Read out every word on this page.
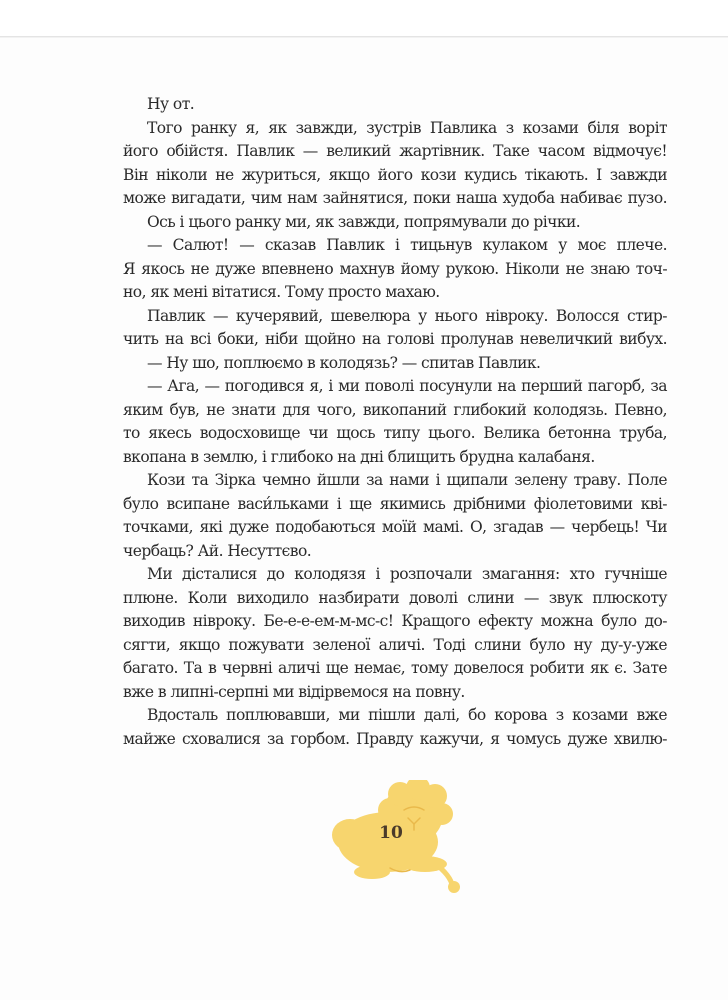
Ну от.
Того ранку я, як завжди, зустрів Павлика з козами біля воріт
його обійстя. Павлик — великий жартівник. Таке часом відмочує!
Він ніколи не журиться, якщо його кози кудись тікають. І завжди
може вигадати, чим нам зайнятися, поки наша худоба набиває пузо.
Ось і цього ранку ми, як завжди, попрямували до річки.
— Салют! — сказав Павлик і тицьнув кулаком у моє плече.
Я якось не дуже впевнено махнув йому рукою. Ніколи не знаю точ-
но, як мені вітатися. Тому просто махаю.
Павлик — кучерявий, шевелюра у нього нівроку. Волосся стир-
чить на всі боки, ніби щойно на голові пролунав невеличкий вибух.
— Ну шо, поплюємо в колодязь? — спитав Павлик.
— Ага, — погодився я, і ми поволі посунули на перший пагорб, за
яким був, не знати для чого, викопаний глибокий колодязь. Певно,
то якесь водосховище чи щось типу цього. Велика бетонна труба,
вкопана в землю, і глибоко на дні блищить брудна калабаня.
Кози та Зірка чемно йшли за нами і щипали зелену траву. Поле
було всипане васи́льками і ще якимись дрібними фіолетовими кві-
точками, які дуже подобаються моїй мамі. О, згадав — чербець! Чи
чербаць? Ай. Несуттєво.
Ми дісталися до колодязя і розпочали змагання: хто гучніше
плюне. Коли виходило назбирати доволі слини — звук плюскоту
виходив нівроку. Бе-е-е-ем-м-мс-с! Кращого ефекту можна було до-
сягти, якщо пожувати зеленої аличі. Тоді слини було ну ду-у-уже
багато. Та в червні аличі ще немає, тому довелося робити як є. Зате
вже в липні-серпні ми відірвемося на повну.
Вдосталь поплювавши, ми пішли далі, бо корова з козами вже
майже сховалися за горбом. Правду кажучи, я чомусь дуже хвилю-
10
